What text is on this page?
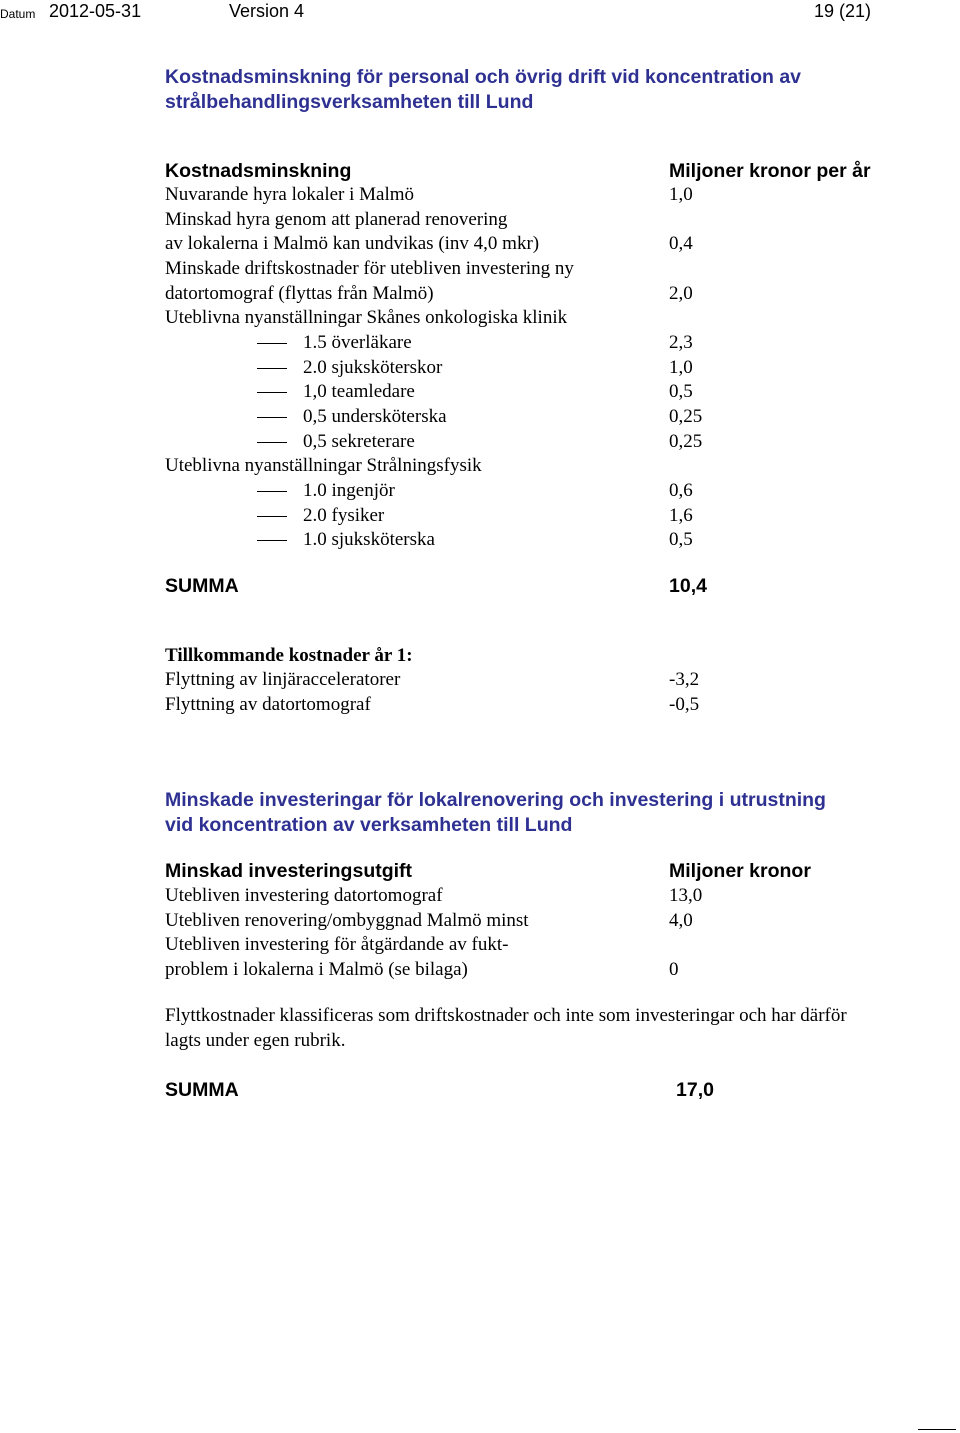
Datum 2012-05-31	Version 4	19 (21)
Kostnadsminskning för personal och övrig drift vid koncentration av
strålbehandlingsverksamheten till Lund
Kostnadsminskning	Miljoner kronor per år
Nuvarande hyra lokaler i Malmö	1,0
Minskad hyra genom att planerad renovering
av lokalerna i Malmö kan undvikas (inv 4,0 mkr)	0,4
Minskade driftskostnader för utebliven investering ny
datortomograf (flyttas från Malmö)	2,0
Uteblivna nyanställningar Skånes onkologiska klinik
1.5 överläkare	2,3
2.0 sjuksköterskor	1,0
1,0 teamledare	0,5
0,5 undersköterska	0,25
0,5 sekreterare	0,25
Uteblivna nyanställningar Strålningsfysik
1.0 ingenjör	0,6
2.0 fysiker	1,6
1.0 sjuksköterska	0,5
SUMMA	10,4
Tillkommande kostnader år 1:
Flyttning av linjäracceleratorer	-3,2
Flyttning av datortomograf	-0,5
Minskade investeringar för lokalrenovering och investering i utrustning
vid koncentration av verksamheten till Lund
Minskad investeringsutgift	Miljoner kronor
Utebliven investering datortomograf	13,0
Utebliven renovering/ombyggnad Malmö minst	4,0
Utebliven investering för åtgärdande av fukt-
problem i lokalerna i Malmö (se bilaga)	0
Flyttkostnader klassificeras som driftskostnader och inte som investeringar och har därför
lagts under egen rubrik.
SUMMA	17,0
